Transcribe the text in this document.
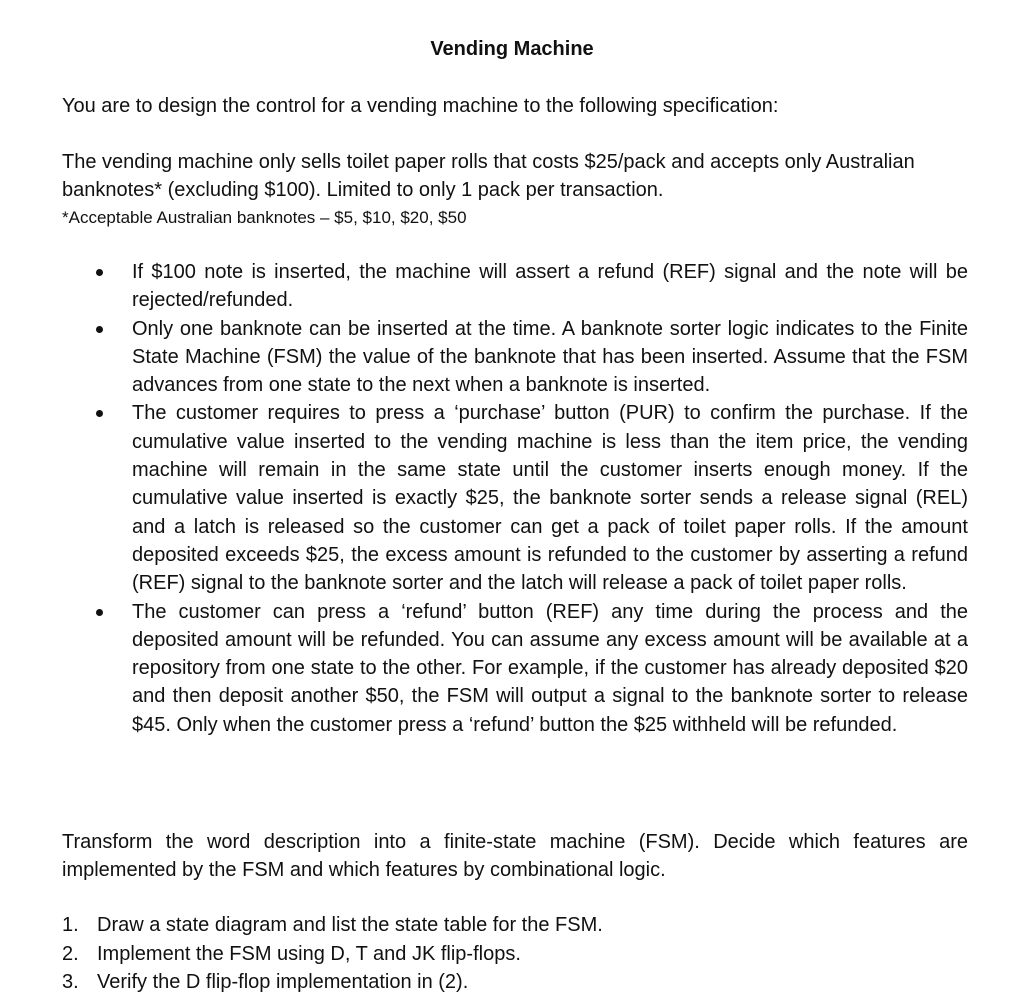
Vending Machine

You are to design the control for a vending machine to the following specification:

The vending machine only sells toilet paper rolls that costs $25/pack and accepts only Australian banknotes* (excluding $100). Limited to only 1 pack per transaction.

*Acceptable Australian banknotes – $5, $10, $20, $50
If $100 note is inserted, the machine will assert a refund (REF) signal and the note will be rejected/refunded.
Only one banknote can be inserted at the time. A banknote sorter logic indicates to the Finite State Machine (FSM) the value of the banknote that has been inserted. Assume that the FSM advances from one state to the next when a banknote is inserted.
The customer requires to press a ‘purchase’ button (PUR) to confirm the purchase. If the cumulative value inserted to the vending machine is less than the item price, the vending machine will remain in the same state until the customer inserts enough money. If the cumulative value inserted is exactly $25, the banknote sorter sends a release signal (REL) and a latch is released so the customer can get a pack of toilet paper rolls. If the amount deposited exceeds $25, the excess amount is refunded to the customer by asserting a refund (REF) signal to the banknote sorter and the latch will release a pack of toilet paper rolls.
The customer can press a ‘refund’ button (REF) any time during the process and the deposited amount will be refunded. You can assume any excess amount will be available at a repository from one state to the other. For example, if the customer has already deposited $20 and then deposit another $50, the FSM will output a signal to the banknote sorter to release $45. Only when the customer press a ‘refund’ button the $25 withheld will be refunded.

Transform the word description into a finite-state machine (FSM). Decide which features are implemented by the FSM and which features by combinational logic.

1. Draw a state diagram and list the state table for the FSM.
2. Implement the FSM using D, T and JK flip-flops.
3. Verify the D flip-flop implementation in (2).
